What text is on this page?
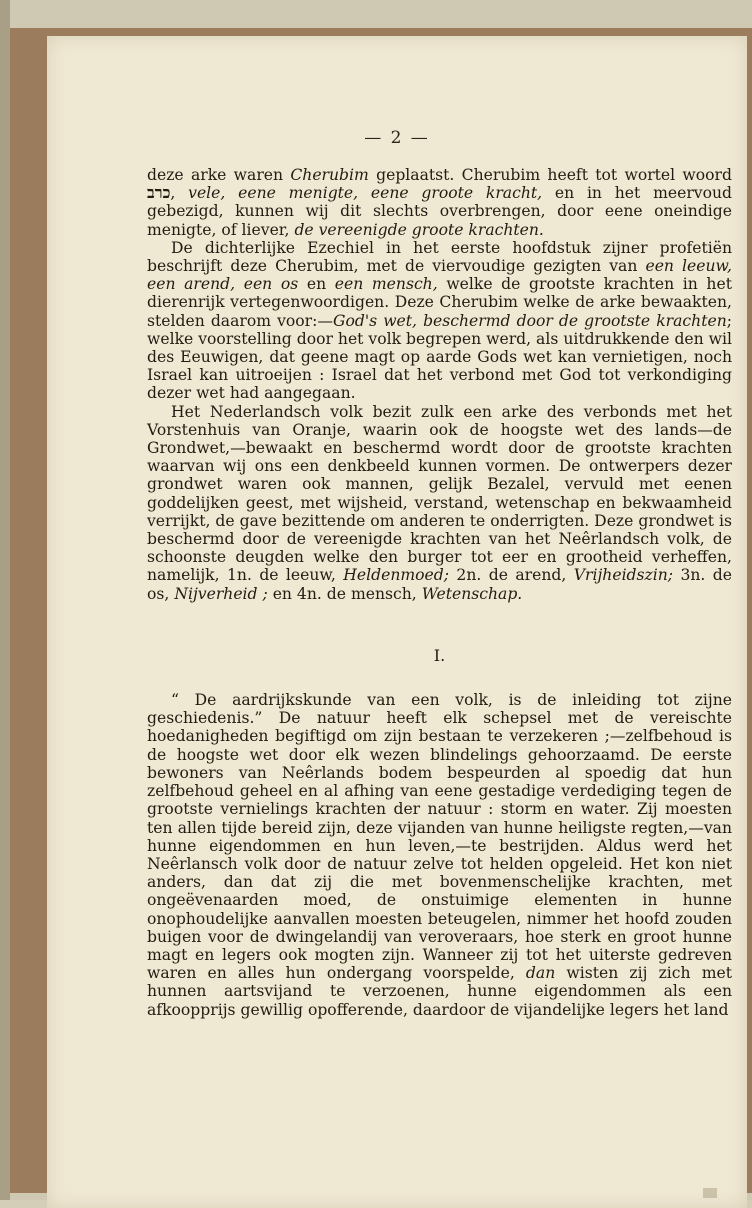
— 2 —

deze arke waren Cherubim geplaatst. Cherubim heeft tot wortel woord כרב, vele, eene menigte, eene groote kracht, en in het meervoud gebezigd, kunnen wij dit slechts overbrengen, door eene oneindige menigte, of liever, de vereenigde groote krachten.

De dichterlijke Ezechiel in het eerste hoofdstuk zijner profetiën beschrijft deze Cherubim, met de viervoudige gezigten van een leeuw, een arend, een os en een mensch, welke de grootste krachten in het dierenrijk vertegenwoordigen. Deze Cherubim welke de arke bewaakten, stelden daarom voor:—God's wet, beschermd door de grootste krachten; welke voorstelling door het volk begrepen werd, als uitdrukkende den wil des Eeuwigen, dat geene magt op aarde Gods wet kan vernietigen, noch Israel kan uitroeijen : Israel dat het verbond met God tot verkondiging dezer wet had aangegaan.

Het Nederlandsch volk bezit zulk een arke des verbonds met het Vorstenhuis van Oranje, waarin ook de hoogste wet des lands—de Grondwet,—bewaakt en beschermd wordt door de grootste krachten waarvan wij ons een denkbeeld kunnen vormen. De ontwerpers dezer grondwet waren ook mannen, gelijk Bezalel, vervuld met eenen goddelijken geest, met wijsheid, verstand, wetenschap en bekwaamheid verrijkt, de gave bezittende om anderen te onderrigten. Deze grondwet is beschermd door de vereenigde krachten van het Neêrlandsch volk, de schoonste deugden welke den burger tot eer en grootheid verheffen, namelijk, 1n. de leeuw, Heldenmoed; 2n. de arend, Vrijheidszin; 3n. de os, Nijverheid ; en 4n. de mensch, Wetenschap.

I.

“ De aardrijkskunde van een volk, is de inleiding tot zijne geschiedenis.” De natuur heeft elk schepsel met de vereischte hoedanigheden begiftigd om zijn bestaan te verzekeren ;—zelfbehoud is de hoogste wet door elk wezen blindelings gehoorzaamd. De eerste bewoners van Neêrlands bodem bespeurden al spoedig dat hun zelfbehoud geheel en al afhing van eene gestadige verdediging tegen de grootste vernielings krachten der natuur : storm en water. Zij moesten ten allen tijde bereid zijn, deze vijanden van hunne heiligste regten,—van hunne eigendommen en hun leven,—te bestrijden. Aldus werd het Neêrlansch volk door de natuur zelve tot helden opgeleid. Het kon niet anders, dan dat zij die met bovenmenschelijke krachten, met ongeëvenaarden moed, de onstuimige elementen in hunne onophoudelijke aanvallen moesten beteugelen, nimmer het hoofd zouden buigen voor de dwingelandij van veroveraars, hoe sterk en groot hunne magt en legers ook mogten zijn. Wanneer zij tot het uiterste gedreven waren en alles hun ondergang voorspelde, dan wisten zij zich met hunnen aartsvijand te verzoenen, hunne eigendommen als een afkoopprijs gewillig opofferende, daardoor de vijandelijke legers het land
